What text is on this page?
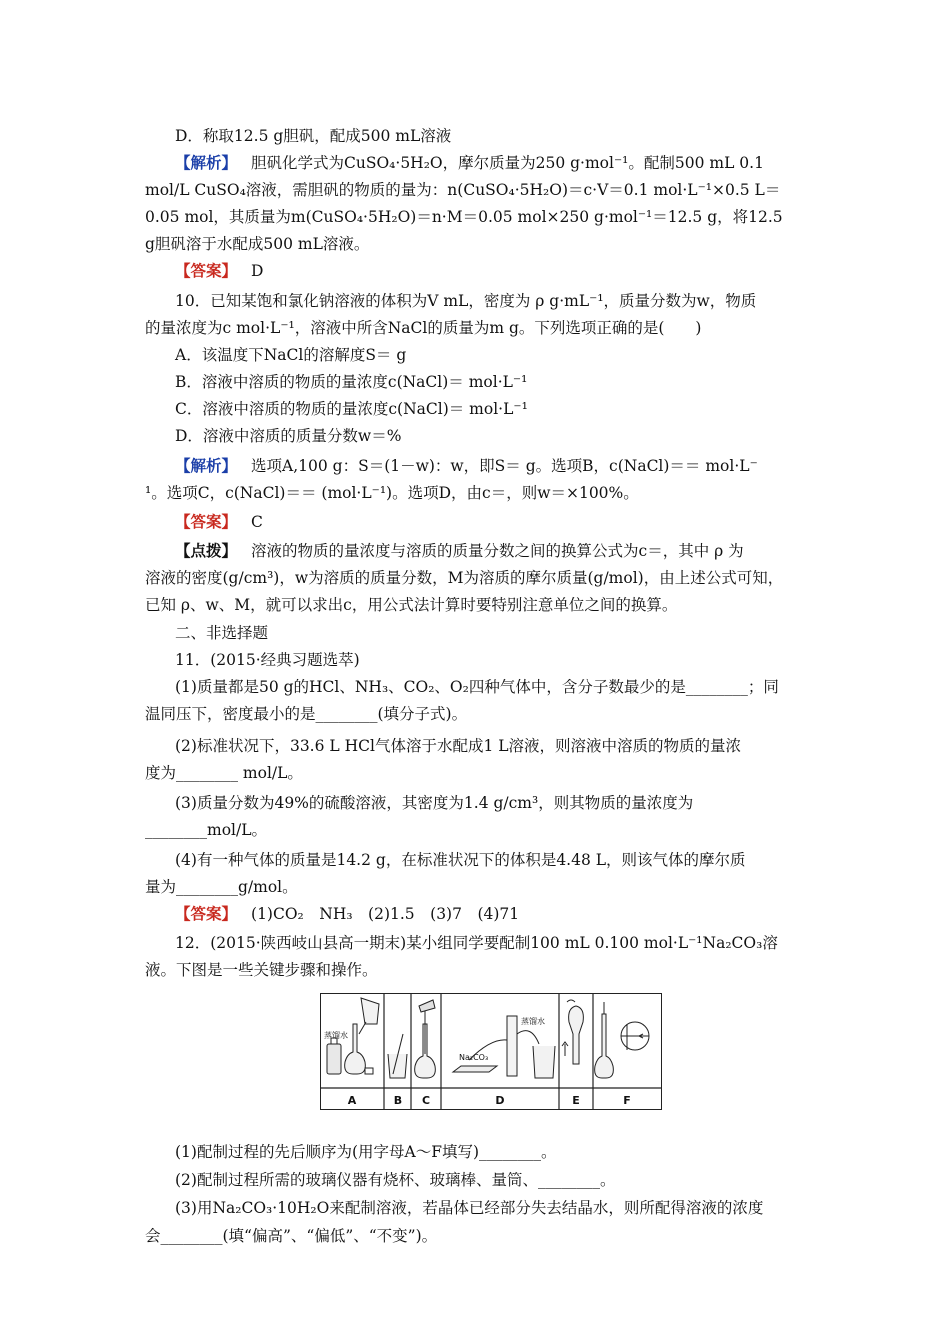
D．称取12.5 g胆矾，配成500 mL溶液
【解析】 胆矾化学式为CuSO₄·5H₂O，摩尔质量为250 g·mol⁻¹。配制500 mL 0.1
mol/L CuSO₄溶液，需胆矾的物质的量为：n(CuSO₄·5H₂O)＝c·V＝0.1 mol·L⁻¹×0.5 L＝
0.05 mol，其质量为m(CuSO₄·5H₂O)＝n·M＝0.05 mol×250 g·mol⁻¹＝12.5 g，将12.5
g胆矾溶于水配成500 mL溶液。
【答案】 D
10．已知某饱和氯化钠溶液的体积为V mL，密度为 ρ g·mL⁻¹，质量分数为w，物质
的量浓度为c mol·L⁻¹，溶液中所含NaCl的质量为m g。下列选项正确的是(　　)
A．该温度下NaCl的溶解度S＝ g
B．溶液中溶质的物质的量浓度c(NaCl)＝ mol·L⁻¹
C．溶液中溶质的物质的量浓度c(NaCl)＝ mol·L⁻¹
D．溶液中溶质的质量分数w＝%
【解析】 选项A,100 g：S＝(1－w)：w，即S＝ g。选项B，c(NaCl)＝＝ mol·L⁻
¹。选项C，c(NaCl)＝＝ (mol·L⁻¹)。选项D，由c＝，则w＝×100%。
【答案】 C
【点拨】 溶液的物质的量浓度与溶质的质量分数之间的换算公式为c＝，其中 ρ 为
溶液的密度(g/cm³)，w为溶质的质量分数，M为溶质的摩尔质量(g/mol)，由上述公式可知，
已知 ρ、w、M，就可以求出c，用公式法计算时要特别注意单位之间的换算。
二、非选择题
11．(2015·经典习题选萃)
(1)质量都是50 g的HCl、NH₃、CO₂、O₂四种气体中，含分子数最少的是________；同
温同压下，密度最小的是________(填分子式)。
(2)标准状况下，33.6 L HCl气体溶于水配成1 L溶液，则溶液中溶质的物质的量浓
度为________ mol/L。
(3)质量分数为49%的硫酸溶液，其密度为1.4 g/cm³，则其物质的量浓度为
________mol/L。
(4)有一种气体的质量是14.2 g，在标准状况下的体积是4.48 L，则该气体的摩尔质
量为________g/mol。
【答案】 (1)CO₂　NH₃　(2)1.5　(3)7　(4)71
12．(2015·陕西岐山县高一期末)某小组同学要配制100 mL 0.100 mol·L⁻¹Na₂CO₃溶
液。下图是一些关键步骤和操作。
(1)配制过程的先后顺序为(用字母A～F填写)________。
(2)配制过程所需的玻璃仪器有烧杯、玻璃棒、量筒、________。
(3)用Na₂CO₃·10H₂O来配制溶液，若晶体已经部分失去结晶水，则所配得溶液的浓度
会________(填“偏高”、“偏低”、“不变”)。
蒸馏水
Na₂CO₃
蒸馏水
A	B C	D	E	F
